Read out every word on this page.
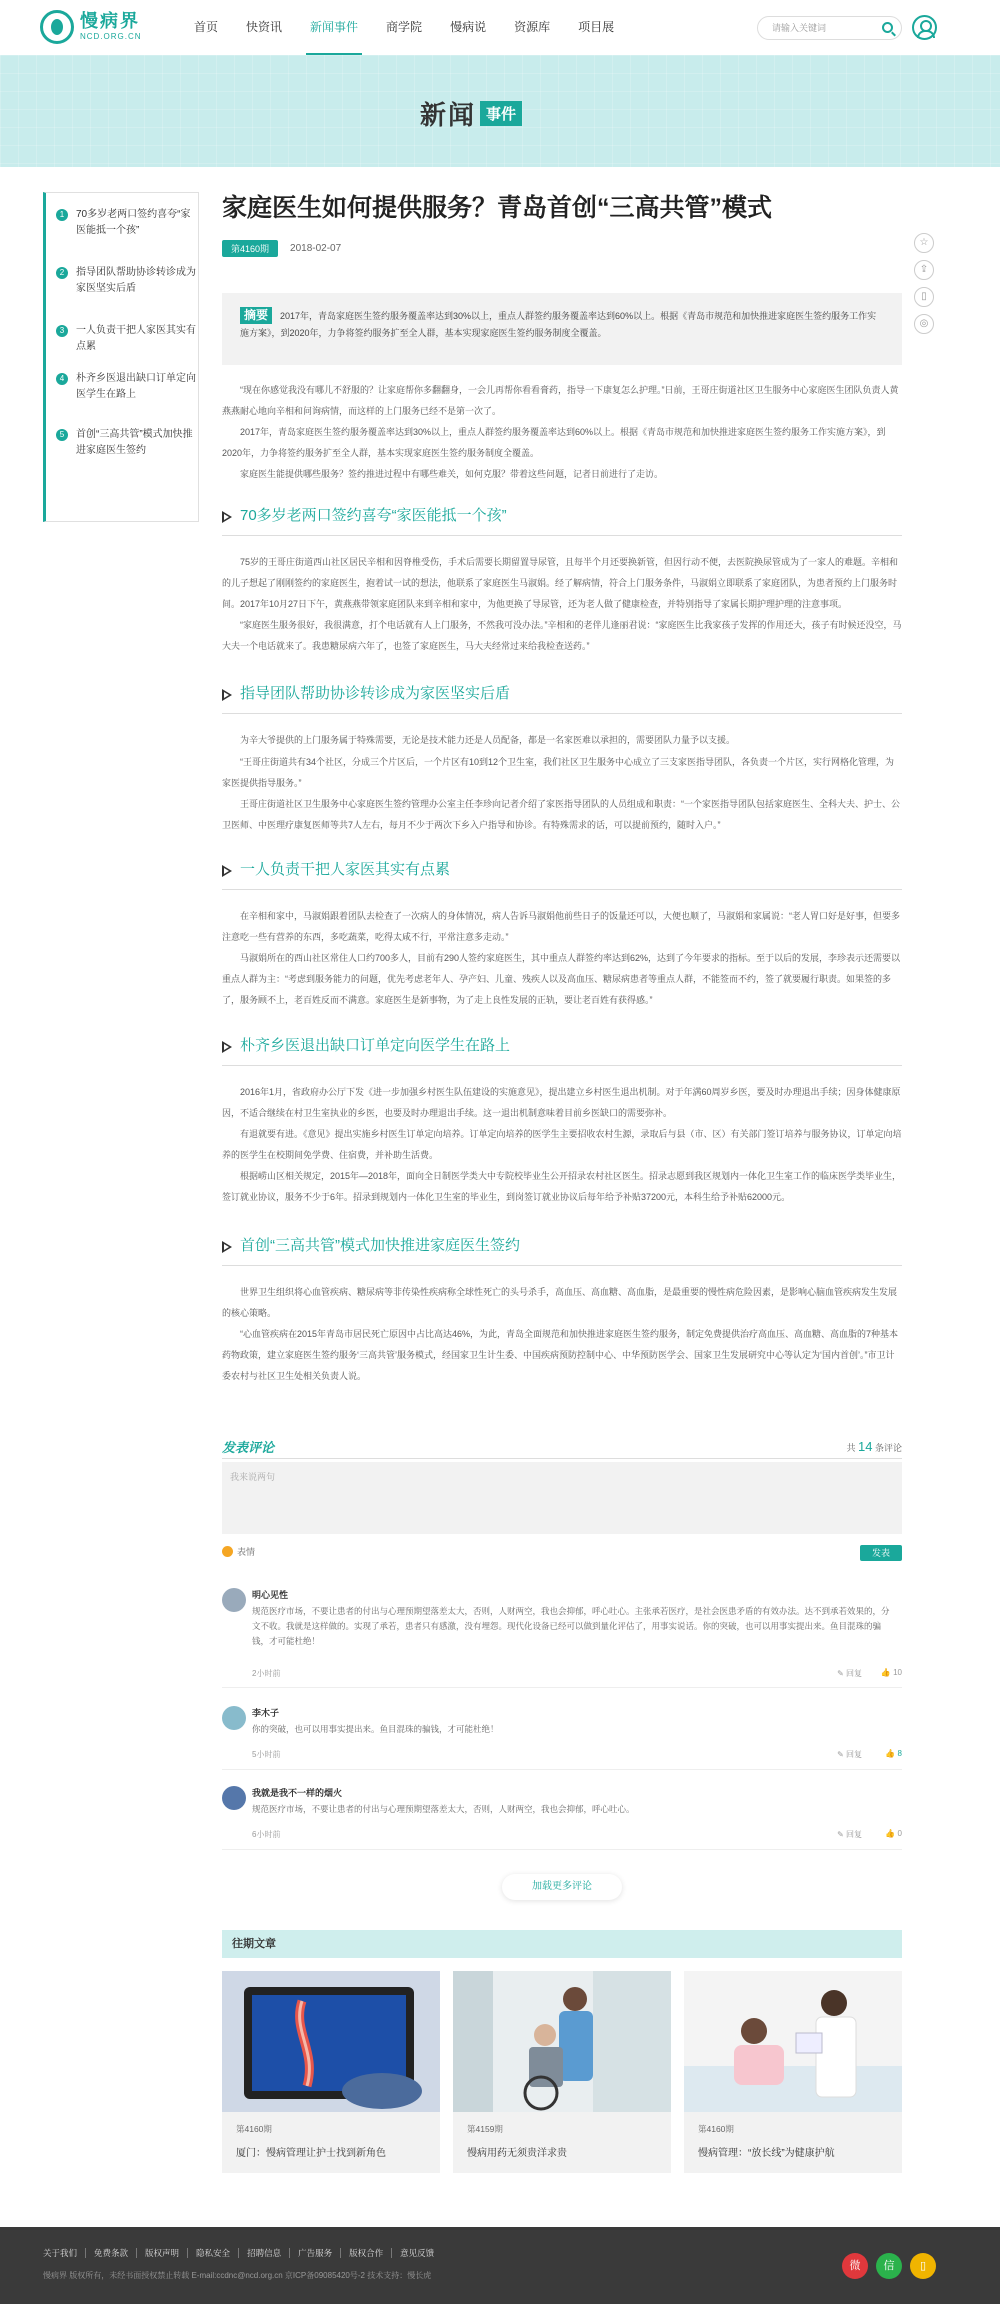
慢病界
NCD.ORG.CN
首页	快资讯	新闻事件	商学院	慢病说	资源库	项目展	请输入关键词
新闻 事件
1	70多岁老两口签约喜夸“家医能抵一个孩”
2	指导团队帮助协诊转诊成为家医坚实后盾
3	一人负责干把人家医其实有点累
4	朴齐乡医退出缺口订单定向医学生在路上
5	首创“三高共管”模式加快推进家庭医生签约
家庭医生如何提供服务？青岛首创“三高共管”模式
第4160期	2018-02-07
☆
⇪
▯
◎
摘要 2017年，青岛家庭医生签约服务覆盖率达到30%以上，重点人群签约服务覆盖率达到60%以上。根据《青岛市规范和加快推进家庭医生签约服务工作实施方案》，到2020年，力争将签约服务扩至全人群，基本实现家庭医生签约服务制度全覆盖。
“现在你感觉我没有哪儿不舒服的？让家庭帮你多翻翻身，一会儿再帮你看看膏药，指导一下康复怎么护理。”日前，王哥庄街道社区卫生服务中心家庭医生团队负责人黄燕燕耐心地向辛相和问询病情，而这样的上门服务已经不是第一次了。
2017年，青岛家庭医生签约服务覆盖率达到30%以上，重点人群签约服务覆盖率达到60%以上。根据《青岛市规范和加快推进家庭医生签约服务工作实施方案》，到2020年，力争将签约服务扩至全人群，基本实现家庭医生签约服务制度全覆盖。
家庭医生能提供哪些服务？签约推进过程中有哪些难关，如何克服？带着这些问题，记者日前进行了走访。
70多岁老两口签约喜夸“家医能抵一个孩”
75岁的王哥庄街道西山社区居民辛相和因脊椎受伤，手术后需要长期留置导尿管，且每半个月还要换新管，但因行动不便，去医院换尿管成为了一家人的难题。辛相和的儿子想起了刚刚签约的家庭医生，抱着试一试的想法，他联系了家庭医生马淑娟。经了解病情，符合上门服务条件，马淑娟立即联系了家庭团队，为患者预约上门服务时间。 2017年10月27日下午，黄燕燕带领家庭团队来到辛相和家中，为他更换了导尿管，还为老人做了健康检查，并特别指导了家属长期护理护理的注意事项。
“家庭医生服务很好，我很满意，打个电话就有人上门服务，不然我可没办法。”辛相和的老伴儿逢丽君说：“家庭医生比我家孩子发挥的作用还大，孩子有时候还没空，马大夫一个电话就来了。我患糖尿病六年了，也签了家庭医生，马大夫经常过来给我检查送药。”
指导团队帮助协诊转诊成为家医坚实后盾
为辛大爷提供的上门服务属于特殊需要，无论是技术能力还是人员配备，都是一名家医难以承担的，需要团队力量予以支援。
“王哥庄街道共有34个社区，分成三个片区后，一个片区有10到12个卫生室，我们社区卫生服务中心成立了三支家医指导团队，各负责一个片区，实行网格化管理，为家医提供指导服务。”
王哥庄街道社区卫生服务中心家庭医生签约管理办公室主任李珍向记者介绍了家医指导团队的人员组成和职责：“一个家医指导团队包括家庭医生、全科大夫、护士、公卫医师、中医理疗康复医师等共7人左右，每月不少于两次下乡入户指导和协诊。有特殊需求的话，可以提前预约，随时入户。”
一人负责干把人家医其实有点累
在辛相和家中，马淑娟跟着团队去检查了一次病人的身体情况，病人告诉马淑娟他前些日子的饭量还可以，大便也顺了，马淑娟和家属说：“老人胃口好是好事，但要多注意吃一些有营养的东西，多吃蔬菜，吃得太咸不行，平常注意多走动。”
马淑娟所在的西山社区常住人口约700多人，目前有290人签约家庭医生，其中重点人群签约率达到62%，达到了今年要求的指标。至于以后的发展，李珍表示还需要以重点人群为主：“考虑到服务能力的问题，优先考虑老年人、孕产妇、儿童、残疾人以及高血压、糖尿病患者等重点人群，不能签而不约，签了就要履行职责。如果签的多了，服务顾不上，老百姓反而不满意。家庭医生是新事物，为了走上良性发展的正轨，要让老百姓有获得感。”
朴齐乡医退出缺口订单定向医学生在路上
2016年1月，省政府办公厅下发《进一步加强乡村医生队伍建设的实施意见》，提出建立乡村医生退出机制。对于年满60周岁乡医，要及时办理退出手续；因身体健康原因，不适合继续在村卫生室执业的乡医，也要及时办理退出手续。这一退出机制意味着目前乡医缺口的需要弥补。
有退就要有进。《意见》提出实施乡村医生订单定向培养。订单定向培养的医学生主要招收农村生源，录取后与县（市、区）有关部门签订培养与服务协议，订单定向培养的医学生在校期间免学费、住宿费，并补助生活费。
根据崂山区相关规定，2015年—2018年，面向全日制医学类大中专院校毕业生公开招录农村社区医生。招录志愿到我区规划内一体化卫生室工作的临床医学类毕业生，签订就业协议，服务不少于6年。招录到规划内一体化卫生室的毕业生，到岗签订就业协议后每年给予补贴37200元，本科生给予补贴62000元。
首创“三高共管”模式加快推进家庭医生签约
世界卫生组织将心血管疾病、糖尿病等非传染性疾病称全球性死亡的头号杀手，高血压、高血糖、高血脂，是最重要的慢性病危险因素，是影响心脑血管疾病发生发展的核心策略。
“心血管疾病在2015年青岛市居民死亡原因中占比高达46%，为此，青岛全面规范和加快推进家庭医生签约服务，制定免费提供治疗高血压、高血糖、高血脂的7种基本药物政策，建立家庭医生签约服务‘三高共管’服务模式，经国家卫生计生委、中国疾病预防控制中心、中华预防医学会、国家卫生发展研究中心等认定为‘国内首创’。”市卫计委农村与社区卫生处相关负责人说。
发表评论	共 14 条评论
我来说两句
表情	发表
明心见性
规范医疗市场，不要让患者的付出与心理预期望落差太大，否则，人财两空，我也会抑郁，呼心吐心。主张承若医疗，是社会医患矛盾的有效办法。达不到承若效果的，分文不收。我就是这样做的。实现了承若，患者只有感激，没有埋怨。现代化设备已经可以做到量化评估了，用事实说话。你的突破，也可以用事实提出来。鱼目混珠的骗钱，才可能杜绝！
2小时前	✎ 回复 👍 10
李木子
你的突破，也可以用事实提出来。鱼目混珠的骗钱，才可能杜绝！
5小时前	✎ 回复	👍 8
我就是我不一样的烟火
规范医疗市场，不要让患者的付出与心理预期望落差太大，否则，人财两空，我也会抑郁，呼心吐心。
6小时前	✎ 回复	👍 0
加载更多评论
往期文章
第4160期
厦门：慢病管理让护士找到新角色
第4159期
慢病用药无须贵洋求贵
第4160期
慢病管理：“放长线”为健康护航
关于我们	免费条款	版权声明	隐私安全	招聘信息	广告服务	版权合作	意见反馈
慢病界 版权所有，未经书面授权禁止转载 E-mail:ccdnc@ncd.org.cn 京ICP备09085420号-2 技术支持：慢长虎
微	信	▯
